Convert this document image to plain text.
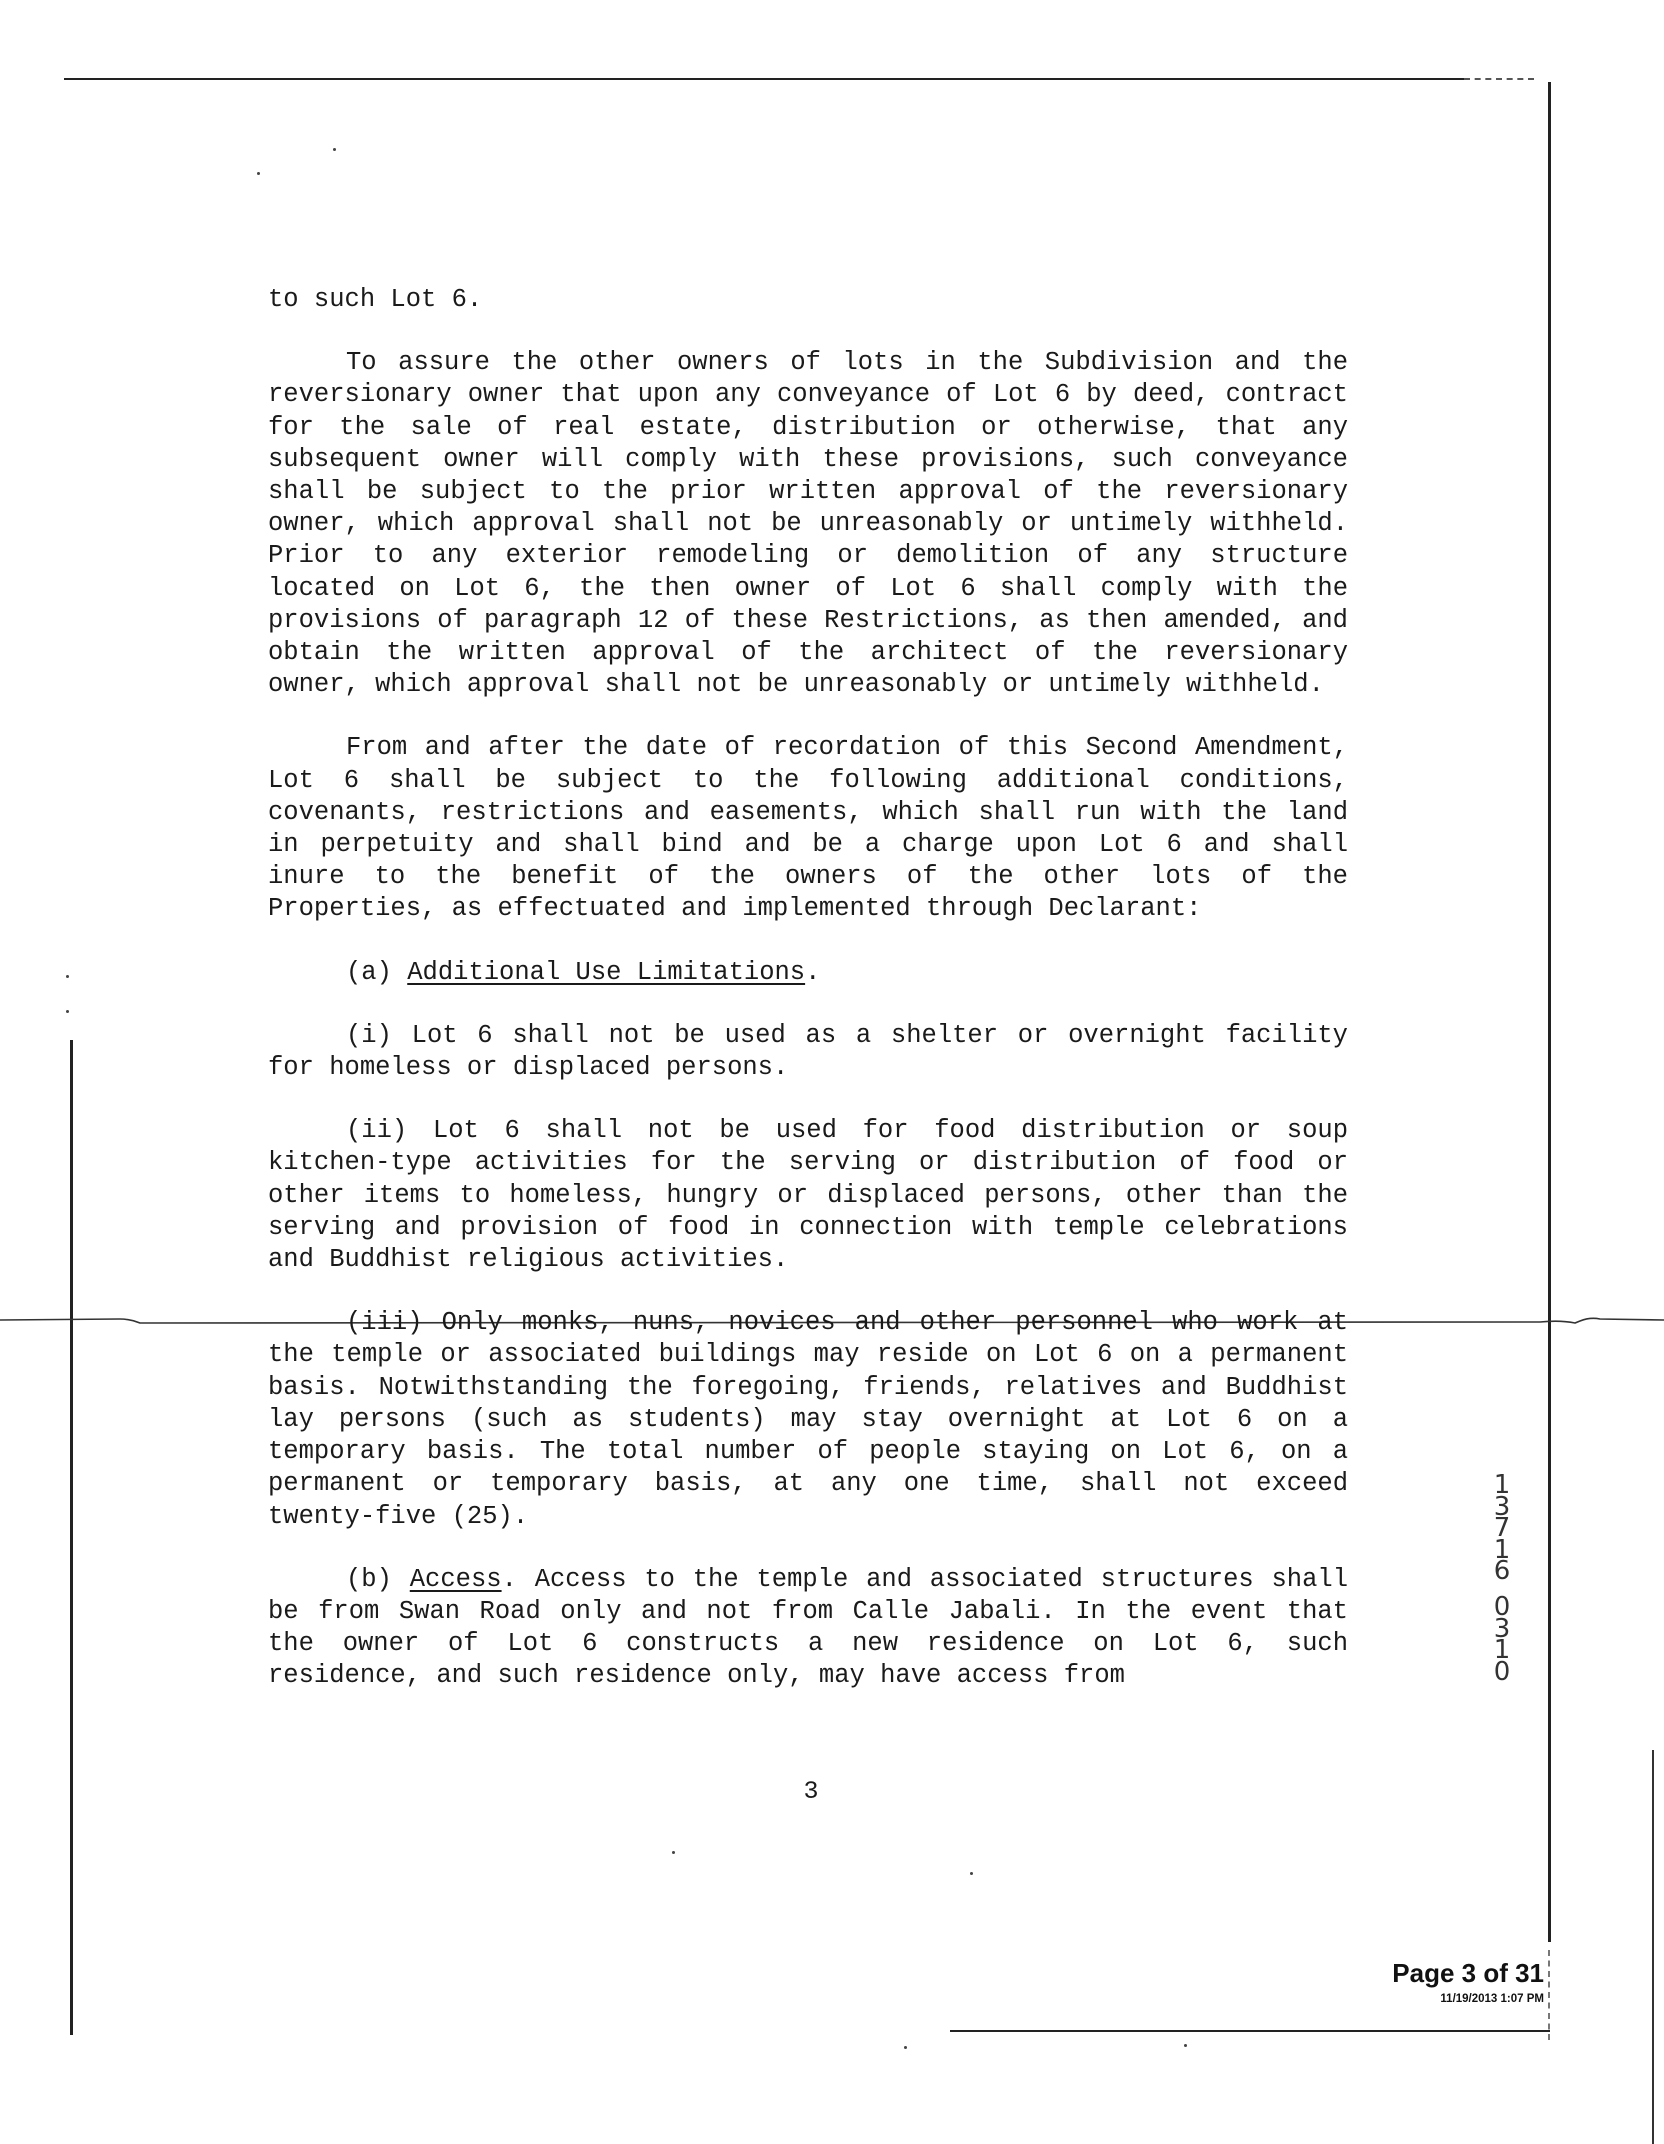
to such Lot 6.

To assure the other owners of lots in the Subdivision and the reversionary owner that upon any conveyance of Lot 6 by deed, contract for the sale of real estate, distribution or otherwise, that any subsequent owner will comply with these provisions, such conveyance shall be subject to the prior written approval of the reversionary owner, which approval shall not be unreasonably or untimely withheld. Prior to any exterior remodeling or demolition of any structure located on Lot 6, the then owner of Lot 6 shall comply with the provisions of paragraph 12 of these Restrictions, as then amended, and obtain the written approval of the architect of the reversionary owner, which approval shall not be unreasonably or untimely withheld.

From and after the date of recordation of this Second Amendment, Lot 6 shall be subject to the following additional conditions, covenants, restrictions and easements, which shall run with the land in perpetuity and shall bind and be a charge upon Lot 6 and shall inure to the benefit of the owners of the other lots of the Properties, as effectuated and implemented through Declarant:

(a) Additional Use Limitations.

(i) Lot 6 shall not be used as a shelter or overnight facility for homeless or displaced persons.

(ii) Lot 6 shall not be used for food distribution or soup kitchen-type activities for the serving or distribution of food or other items to homeless, hungry or displaced persons, other than the serving and provision of food in connection with temple celebrations and Buddhist religious activities.

(iii) Only monks, nuns, novices and other personnel who work at the temple or associated buildings may reside on Lot 6 on a permanent basis. Notwithstanding the foregoing, friends, relatives and Buddhist lay persons (such as students) may stay overnight at Lot 6 on a temporary basis. The total number of people staying on Lot 6, on a permanent or temporary basis, at any one time, shall not exceed twenty-five (25).

(b) Access. Access to the temple and associated structures shall be from Swan Road only and not from Calle Jabali. In the event that the owner of Lot 6 constructs a new residence on Lot 6, such residence, and such residence only, may have access from

3
1
3
7
1
6
0
3
1
0
Page 3 of 31
11/19/2013 1:07 PM
